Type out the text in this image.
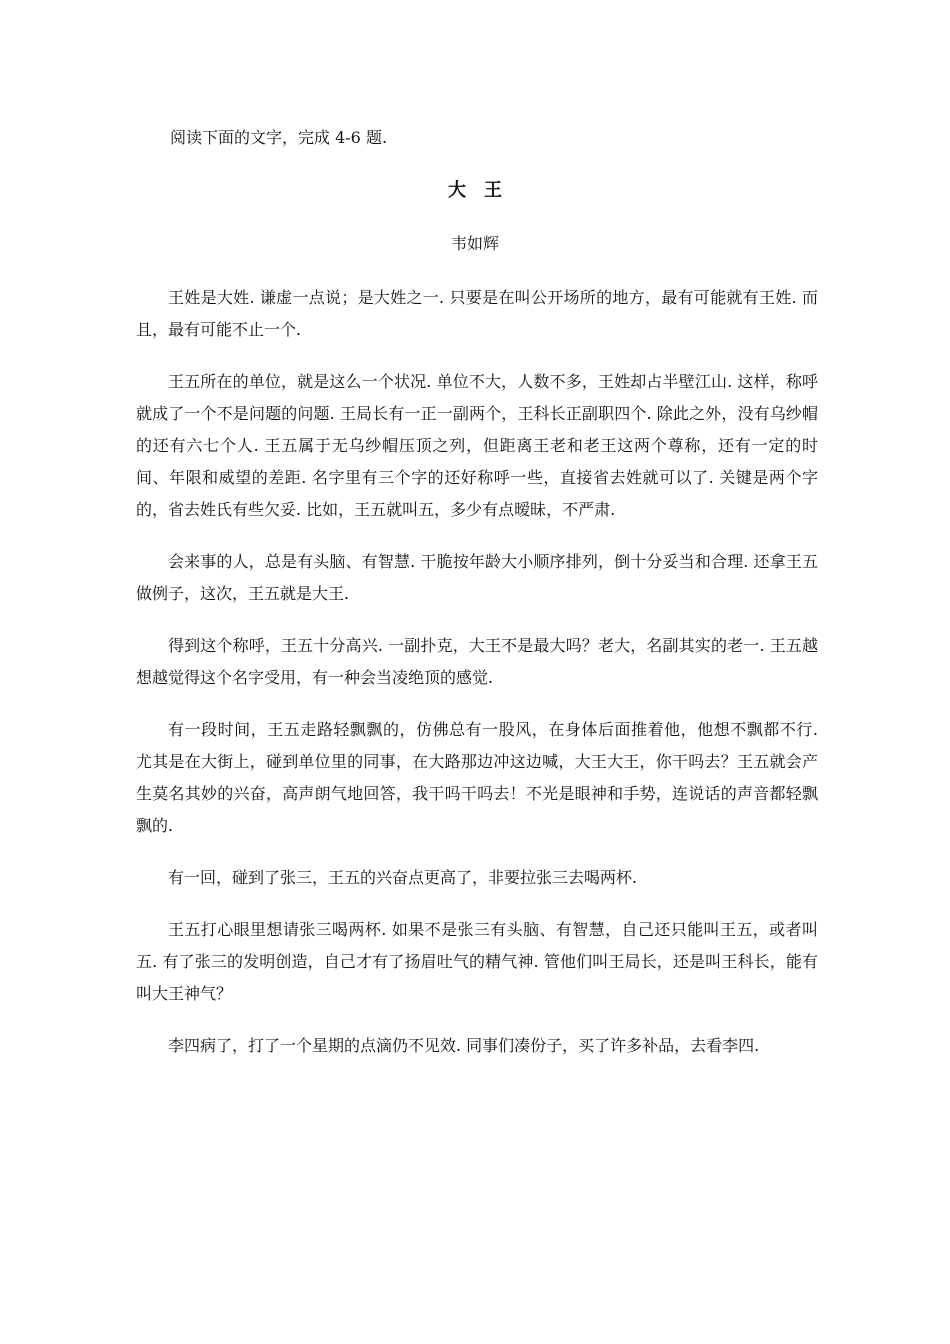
阅读下面的文字，完成 4-6 题.
大　王
韦如辉

王姓是大姓. 谦虚一点说；是大姓之一. 只要是在叫公开场所的地方，最有可能就有王姓. 而且，最有可能不止一个.

王五所在的单位，就是这么一个状况. 单位不大，人数不多，王姓却占半壁江山. 这样，称呼就成了一个不是问题的问题. 王局长有一正一副两个，王科长正副职四个. 除此之外，没有乌纱帽的还有六七个人. 王五属于无乌纱帽压顶之列，但距离王老和老王这两个尊称，还有一定的时间、年限和威望的差距. 名字里有三个字的还好称呼一些，直接省去姓就可以了. 关键是两个字的，省去姓氏有些欠妥. 比如，王五就叫五，多少有点暧昧，不严肃.

会来事的人，总是有头脑、有智慧. 干脆按年龄大小顺序排列，倒十分妥当和合理. 还拿王五做例子，这次，王五就是大王.

得到这个称呼，王五十分高兴. 一副扑克，大王不是最大吗？老大，名副其实的老一. 王五越想越觉得这个名字受用，有一种会当凌绝顶的感觉.

有一段时间，王五走路轻飘飘的，仿佛总有一股风，在身体后面推着他，他想不飘都不行. 尤其是在大街上，碰到单位里的同事，在大路那边冲这边喊，大王大王，你干吗去？王五就会产生莫名其妙的兴奋，高声朗气地回答，我干吗干吗去！不光是眼神和手势，连说话的声音都轻飘飘的.

有一回，碰到了张三，王五的兴奋点更高了，非要拉张三去喝两杯.

王五打心眼里想请张三喝两杯. 如果不是张三有头脑、有智慧，自己还只能叫王五，或者叫五. 有了张三的发明创造，自己才有了扬眉吐气的精气神. 管他们叫王局长，还是叫王科长，能有叫大王神气？

李四病了，打了一个星期的点滴仍不见效. 同事们凑份子，买了许多补品，去看李四.
